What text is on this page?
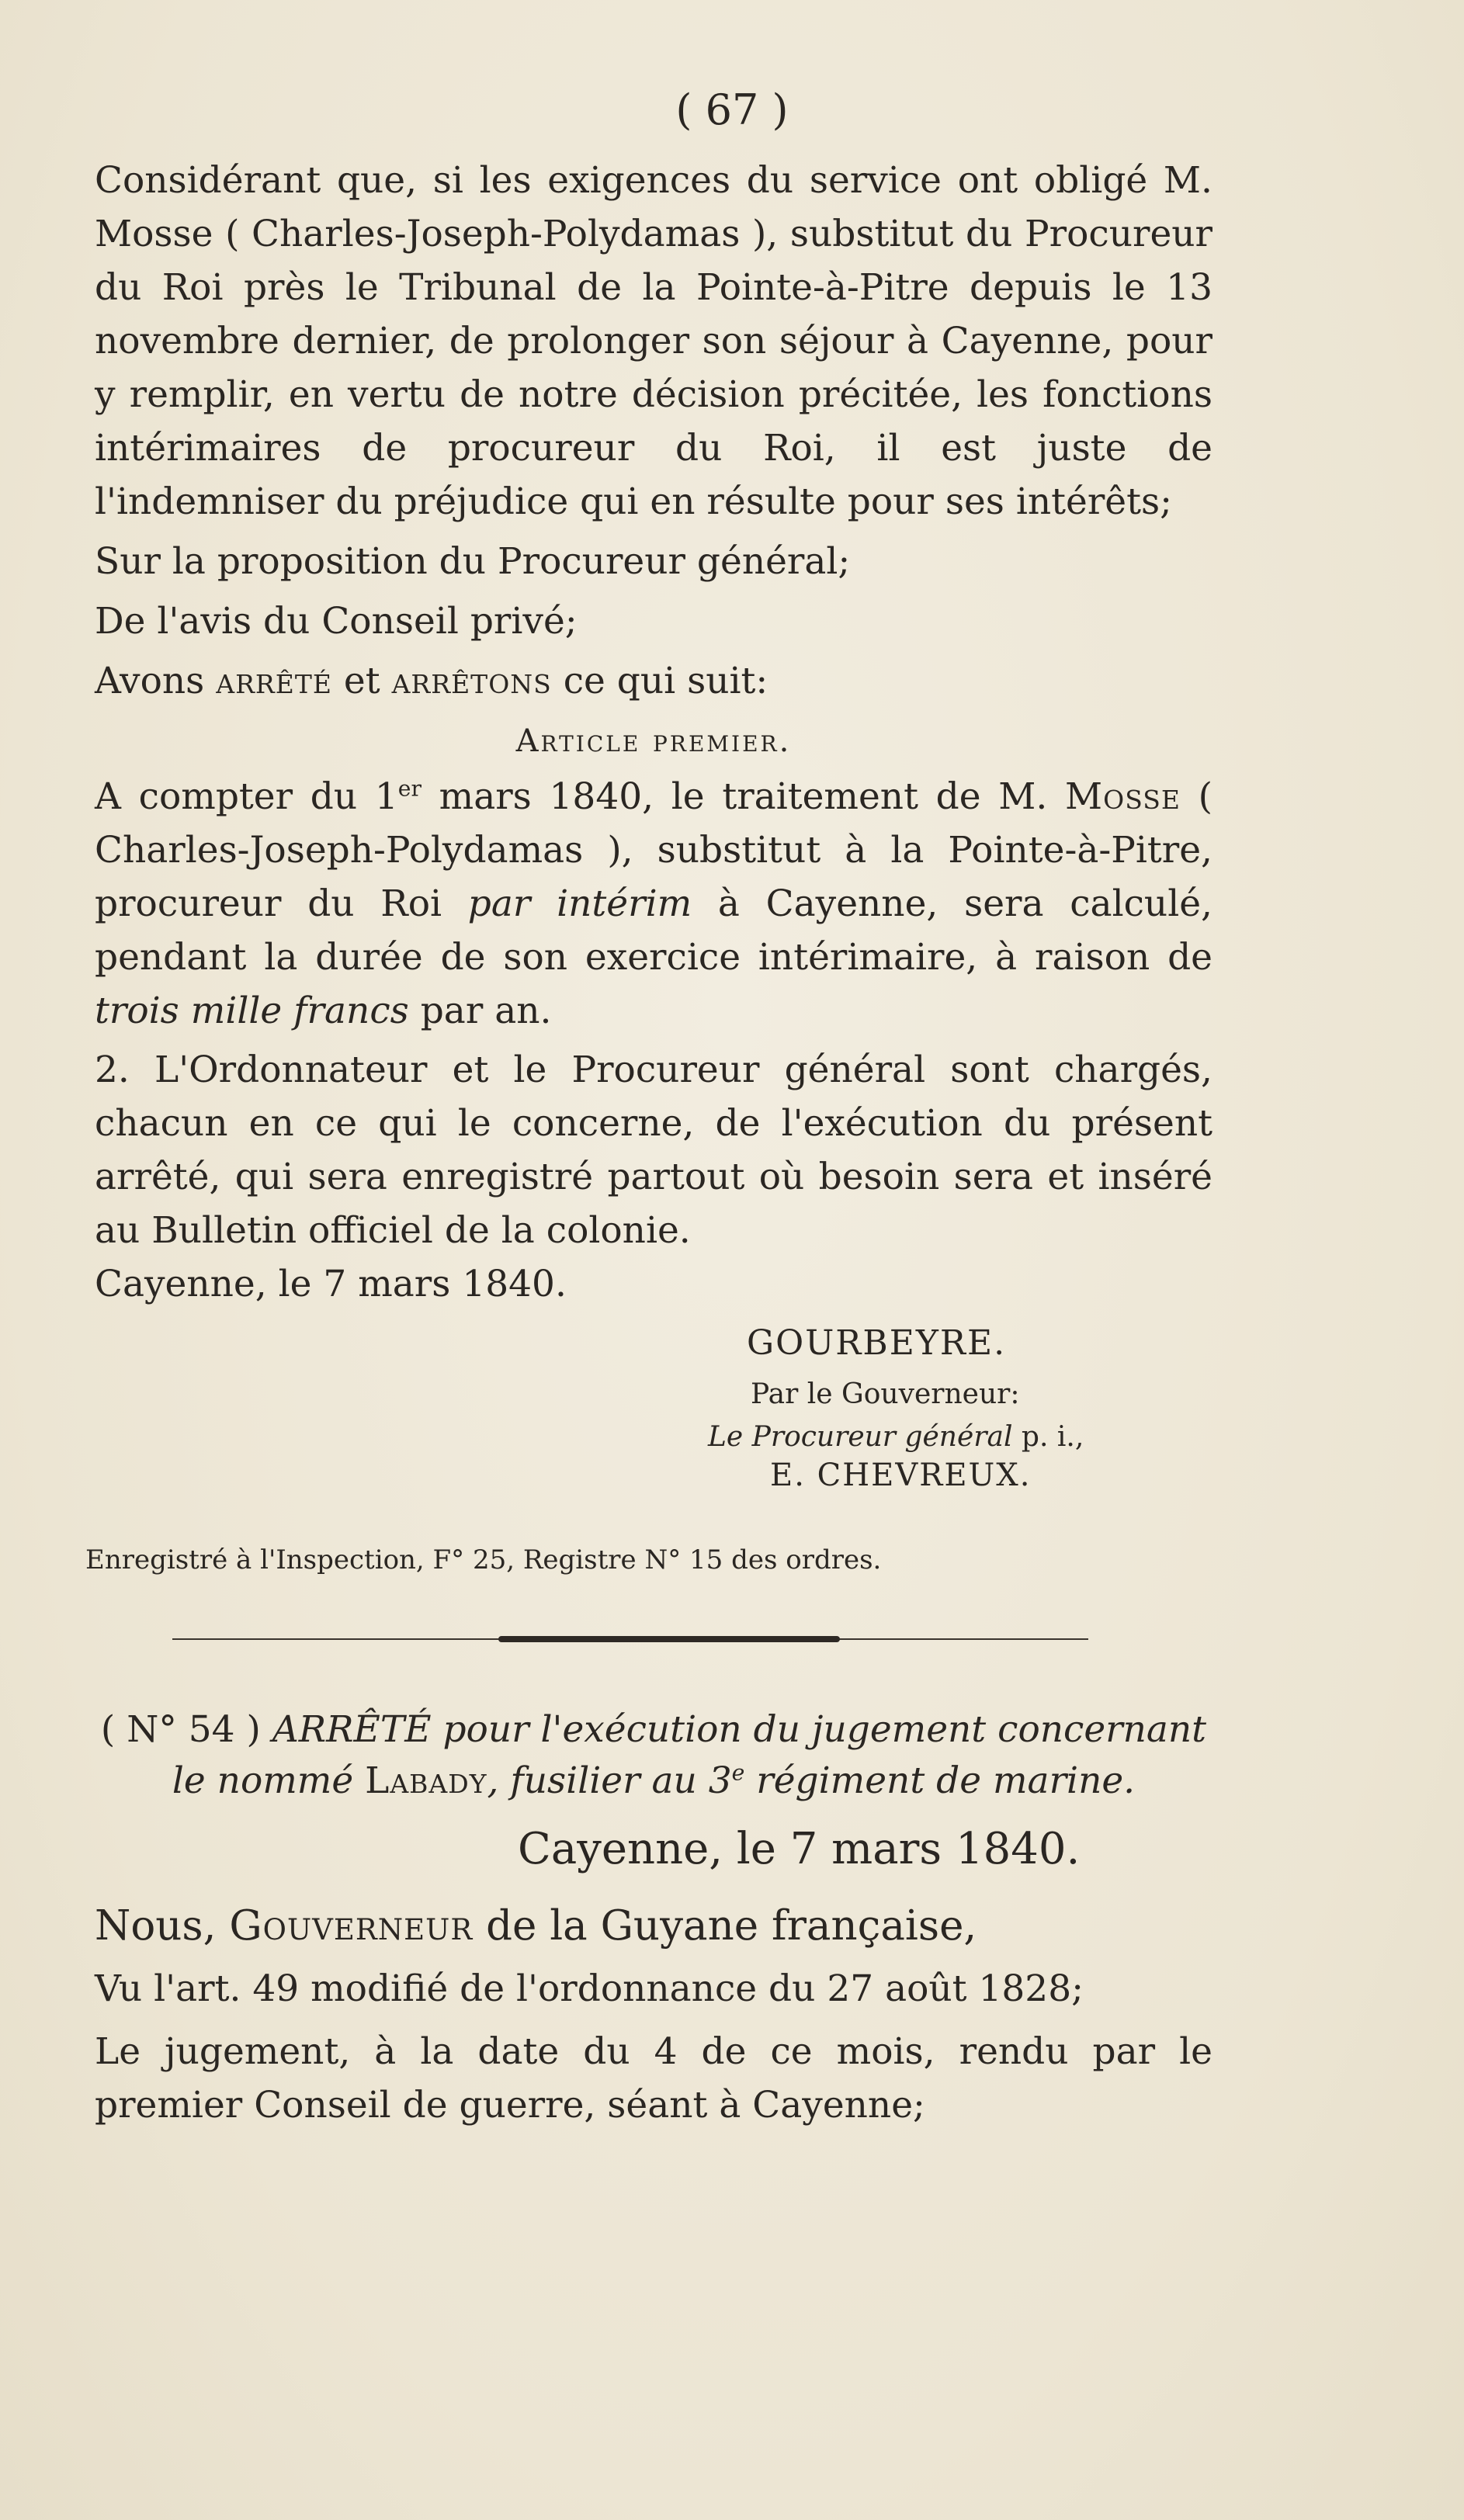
( 67 )

Considérant que, si les exigences du service ont obligé M. Mosse ( Charles-Joseph-Polydamas ), substitut du Procureur du Roi près le Tribunal de la Pointe-à-Pitre depuis le 13 novembre dernier, de prolonger son séjour à Cayenne, pour y remplir, en vertu de notre décision précitée, les fonctions intérimaires de procureur du Roi, il est juste de l'indemniser du préjudice qui en résulte pour ses intérêts;

Sur la proposition du Procureur général;

De l'avis du Conseil privé;

Avons arrêté et arrêtons ce qui suit:

Article premier.

A compter du 1er mars 1840, le traitement de M. Mosse ( Charles-Joseph-Polydamas ), substitut à la Pointe-à-Pitre, procureur du Roi par intérim à Cayenne, sera calculé, pendant la durée de son exercice intérimaire, à raison de trois mille francs par an.

2. L'Ordonnateur et le Procureur général sont chargés, chacun en ce qui le concerne, de l'exécution du présent arrêté, qui sera enregistré partout où besoin sera et inséré au Bulletin officiel de la colonie.

Cayenne, le 7 mars 1840.

GOURBEYRE.

Par le Gouverneur:

Le Procureur général p. i.,

E. CHEVREUX.

Enregistré à l'Inspection, F° 25, Registre N° 15 des ordres.

( N° 54 ) ARRÊTÉ pour l'exécution du jugement concernant

le nommé Labady, fusilier au 3e régiment de marine.

Cayenne, le 7 mars 1840.

Nous, Gouverneur de la Guyane française,

Vu l'art. 49 modifié de l'ordonnance du 27 août 1828;

Le jugement, à la date du 4 de ce mois, rendu par le premier Conseil de guerre, séant à Cayenne;
